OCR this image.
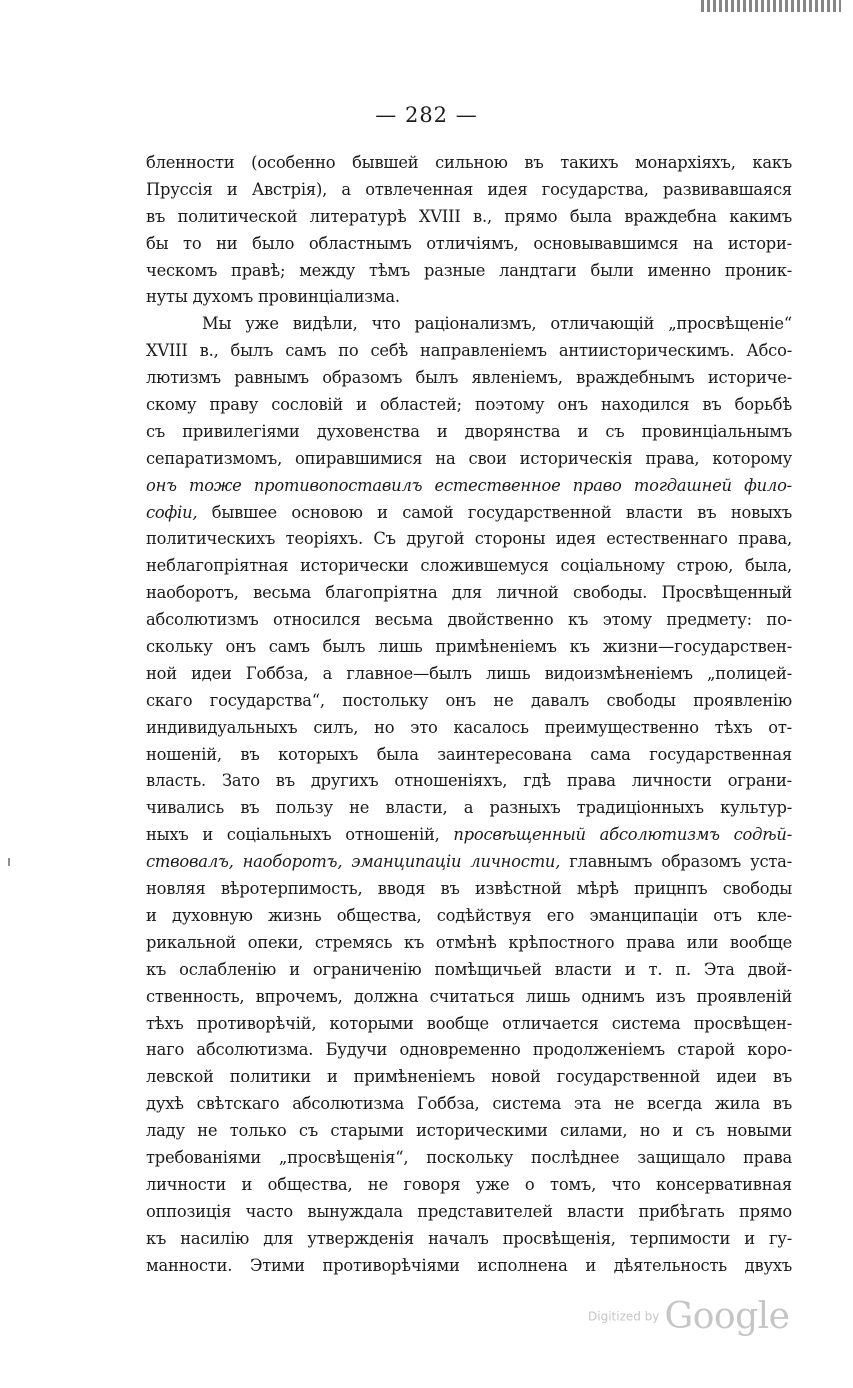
— 282 —
бленности (особенно бывшей сильною въ такихъ монархіяхъ, какъ
Пруссія и Австрія), а отвлеченная идея государства, развивавшаяся
въ политической литературѣ XVIII в., прямо была враждебна какимъ
бы то ни было областнымъ отличіямъ, основывавшимся на истори-
ческомъ правѣ; между тѣмъ разные ландтаги были именно проник-
нуты духомъ провинціализма.
Мы уже видѣли, что раціонализмъ, отличающій „просвѣщеніе“
XVIII в., былъ самъ по себѣ направленіемъ антиисторическимъ. Абсо-
лютизмъ равнымъ образомъ былъ явленіемъ, враждебнымъ историче-
скому праву сословій и областей; поэтому онъ находился въ борьбѣ
съ привилегіями духовенства и дворянства и съ провинціальнымъ
сепаратизмомъ, опиравшимися на свои историческія права, которому
онъ тоже противопоставилъ естественное право тогдашней фило-
софіи, бывшее основою и самой государственной власти въ новыхъ
политическихъ теоріяхъ. Съ другой стороны идея естественнаго права,
неблагопріятная исторически сложившемуся соціальному строю, была,
наоборотъ, весьма благопріятна для личной свободы. Просвѣщенный
абсолютизмъ относился весьма двойственно къ этому предмету: по-
скольку онъ самъ былъ лишь примѣненіемъ къ жизни—государствен-
ной идеи Гоббза, а главное—былъ лишь видоизмѣненіемъ „полицей-
скаго государства“, постольку онъ не давалъ свободы проявленію
индивидуальныхъ силъ, но это касалось преимущественно тѣхъ от-
ношеній, въ которыхъ была заинтересована сама государственная
власть. Зато въ другихъ отношеніяхъ, гдѣ права личности ограни-
чивались въ пользу не власти, а разныхъ традиціонныхъ культур-
ныхъ и соціальныхъ отношеній, просвѣщенный абсолютизмъ содѣй-
ствовалъ, наоборотъ, эманципаціи личности, главнымъ образомъ уста-
новляя вѣротерпимость, вводя въ извѣстной мѣрѣ прицнпъ свободы
и духовную жизнь общества, содѣйствуя его эманципаціи отъ кле-
рикальной опеки, стремясь къ отмѣнѣ крѣпостного права или вообще
къ ослабленію и ограниченію помѣщичьей власти и т. п. Эта двой-
ственность, впрочемъ, должна считаться лишь однимъ изъ проявленій
тѣхъ противорѣчій, которыми вообще отличается система просвѣщен-
наго абсолютизма. Будучи одновременно продолженіемъ старой коро-
левской политики и примѣненіемъ новой государственной идеи въ
духѣ свѣтскаго абсолютизма Гоббза, система эта не всегда жила въ
ладу не только съ старыми историческими силами, но и съ новыми
требованіями „просвѣщенія“, поскольку послѣднее защищало права
личности и общества, не говоря уже о томъ, что консервативная
оппозиція часто вынуждала представителей власти прибѣгать прямо
къ насилію для утвержденія началъ просвѣщенія, терпимости и гу-
манности. Этими противорѣчіями исполнена и дѣятельность двухъ
Digitized by Google
